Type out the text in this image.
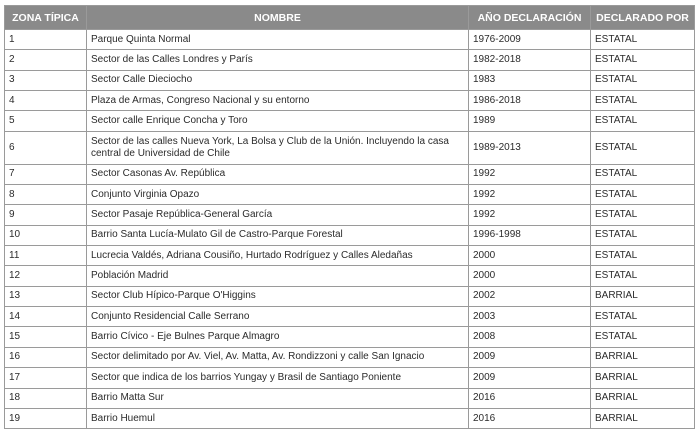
ZONA TÍPICA	NOMBRE	AÑO DECLARACIÓN	DECLARADO POR
1	Parque Quinta Normal	1976-2009	ESTATAL
2	Sector de las Calles Londres y París	1982-2018	ESTATAL
3	Sector Calle Dieciocho	1983	ESTATAL
4	Plaza de Armas, Congreso Nacional y su entorno	1986-2018	ESTATAL
5	Sector calle Enrique Concha y Toro	1989	ESTATAL
6	Sector de las calles Nueva York, La Bolsa y Club de la Unión. Incluyendo la casa central de Universidad de Chile	1989-2013	ESTATAL
7	Sector Casonas Av. República	1992	ESTATAL
8	Conjunto Virginia Opazo	1992	ESTATAL
9	Sector Pasaje República-General García	1992	ESTATAL
10	Barrio Santa Lucía-Mulato Gil de Castro-Parque Forestal	1996-1998	ESTATAL
11	Lucrecia Valdés, Adriana Cousiño, Hurtado Rodríguez y Calles Aledañas	2000	ESTATAL
12	Población Madrid	2000	ESTATAL
13	Sector Club Hípico-Parque O'Higgins	2002	BARRIAL
14	Conjunto Residencial Calle Serrano	2003	ESTATAL
15	Barrio Cívico - Eje Bulnes Parque Almagro	2008	ESTATAL
16	Sector delimitado por Av. Viel, Av. Matta, Av. Rondizzoni y calle San Ignacio	2009	BARRIAL
17	Sector que indica de los barrios Yungay y Brasil de Santiago Poniente	2009	BARRIAL
18	Barrio Matta Sur	2016	BARRIAL
19	Barrio Huemul	2016	BARRIAL
